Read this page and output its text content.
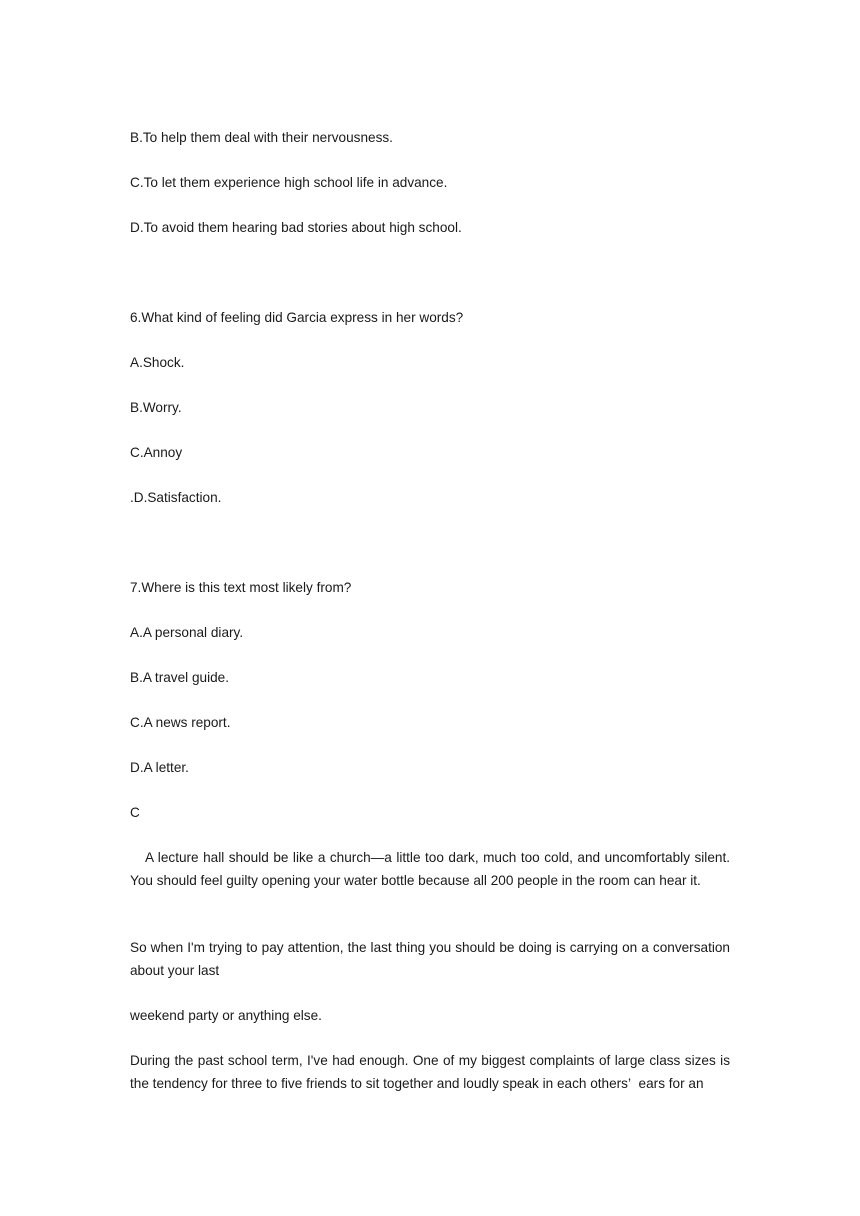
B.To help them deal with their nervousness.
C.To let them experience high school life in advance.
D.To avoid them hearing bad stories about high school.
6.What kind of feeling did Garcia express in her words?
A.Shock.
B.Worry.
C.Annoy
.D.Satisfaction.
7.Where is this text most likely from?
A.A personal diary.
B.A travel guide.
C.A news report.
D.A letter.
C
A lecture hall should be like a church—a little too dark, much too cold, and uncomfortably silent. You should feel guilty opening your water bottle because all 200 people in the room can hear it.
So when I'm trying to pay attention, the last thing you should be doing is carrying on a conversation about your last
weekend party or anything else.
During the past school term, I've had enough. One of my biggest complaints of large class sizes is the tendency for three to five friends to sit together and loudly speak in each others’  ears for an
